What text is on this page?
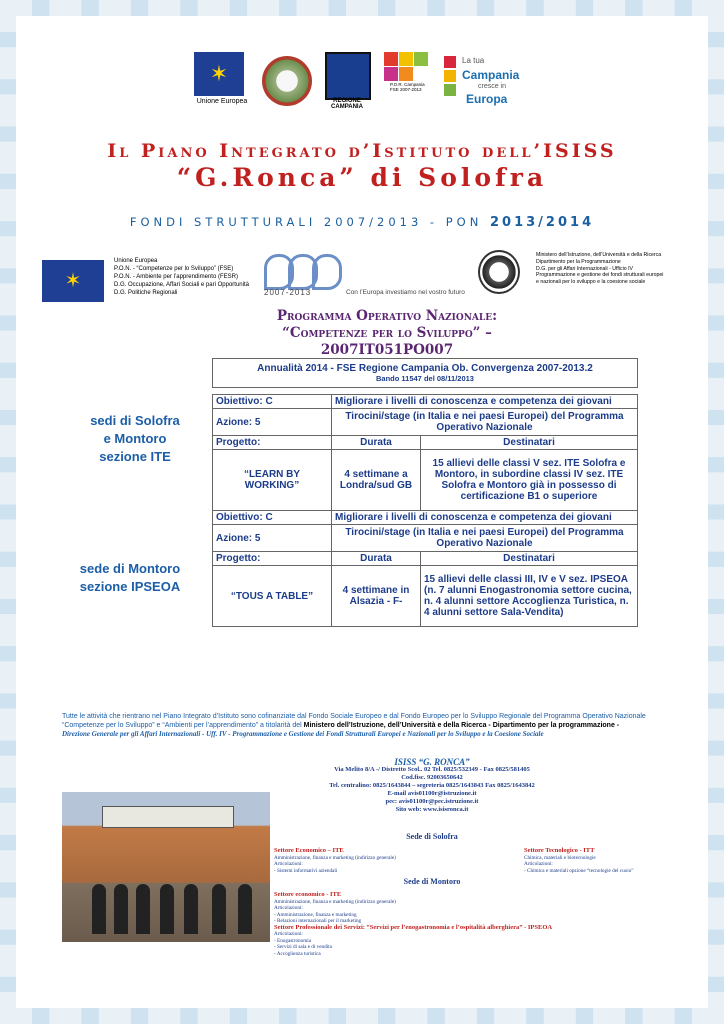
✶
Unione Europea	REGIONE CAMPANIA
P.O.R. Campania FSE 2007-2013
La tua
Campania
cresce in
Europa
Il Piano Integrato d’Istituto dell’ISISS
“G.Ronca” di Solofra
FONDI STRUTTURALI 2007/2013 - PON 2013/2014
✶
Unione Europea
P.O.N. - “Competenze per lo Sviluppo” (FSE)
P.O.N. - Ambiente per l’apprendimento (FESR)
D.G. Occupazione, Affari Sociali e pari Opportunità
D.G. Politiche Regionali	2007-2013	Con l’Europa investiamo nel vostro futuro
Ministero dell’Istruzione, dell’Università e della Ricerca
Dipartimento per la Programmazione
D.G. per gli Affari Internazionali - Ufficio IV
Programmazione e gestione dei fondi strutturali europei
e nazionali per lo sviluppo e la coesione sociale
Programma Operativo Nazionale:
“Competenze per lo Sviluppo” –
2007IT051PO007
sedi di Solofra
e Montoro
sezione ITE
sede di Montoro
sezione IPSEOA
Annualità 2014 - FSE Regione Campania Ob. Convergenza 2007-2013.2
Bando 11547 del 08/11/2013		

Obiettivo: C	Migliorare i livelli di conoscenza e competenza dei giovani	
Azione: 5	Tirocini/stage (in Italia e nei paesi Europei) del Programma Operativo Nazionale	
Progetto:	Durata	Destinatari
“LEARN BY WORKING”	4 settimane a Londra/sud GB	15 allievi delle classi V sez. ITE Solofra e Montoro, in subordine classi IV sez. ITE Solofra e Montoro già in possesso di certificazione B1 o superiore
Obiettivo: C	Migliorare i livelli di conoscenza e competenza dei giovani	
Azione: 5	Tirocini/stage (in Italia e nei paesi Europei) del Programma Operativo Nazionale	
Progetto:	Durata	Destinatari
“TOUS A TABLE”	4 settimane in Alsazia - F-	15 allievi delle classi III, IV e V sez. IPSEOA (n. 7 alunni Enogastronomia settore cucina, n. 4 alunni settore Accoglienza Turistica, n. 4 alunni settore Sala-Vendita)
Tutte le attività che rientrano nel Piano Integrato d’Istituto sono cofinanziate dal Fondo Sociale Europeo e dal Fondo Europeo per lo Sviluppo Regionale del Programma Operativo Nazionale “Competenze per lo Sviluppo” e “Ambienti per l’apprendimento” a titolarità del Ministero dell’Istruzione, dell’Università e della Ricerca - Dipartimento per la programmazione -
Direzione Generale per gli Affari Internazionali - Uff. IV - Programmazione e Gestione dei Fondi Strutturali Europei e Nazionali per lo Sviluppo e la Coesione Sociale
ISISS “G. RONCA”
Via Melito 8/A -/ Distretto Scol.. 02 Tel. 0825/532349 - Fax 0825/581405
Cod.fisc. 92003650642
Tel. centralino: 0825/1643844 – segreteria 0825/1643843 Fax 0825/1643842
E-mail avis01100r@istruzione.it
pec: avis01100r@pec.istruzione.it
Sito web: www.isisronca.it
Sede di Solofra
Settore Economico – ITE
Amministrazione, finanza e marketing (indirizzo generale)
Articolazioni:
- Sistemi informativi aziendali
Settore Tecnologico - ITT
Chimica, materiali e biotecnologie
Articolazioni:
- Chimica e materiali opzione “tecnologie del cuoio”
Sede di Montoro
Settore economico - ITE
Amministrazione, finanza e marketing (indirizzo generale)
Articolazioni:
- Amministrazione, finanza e marketing
- Relazioni internazionali per il marketing
Settore Professionale dei Servizi: “Servizi per l’enogastronomia e l’ospitalità alberghiera” - IPSEOA
Articolazioni:
- Enogastronomia
- Servizi di sala e di vendita
- Accoglienza turistica
